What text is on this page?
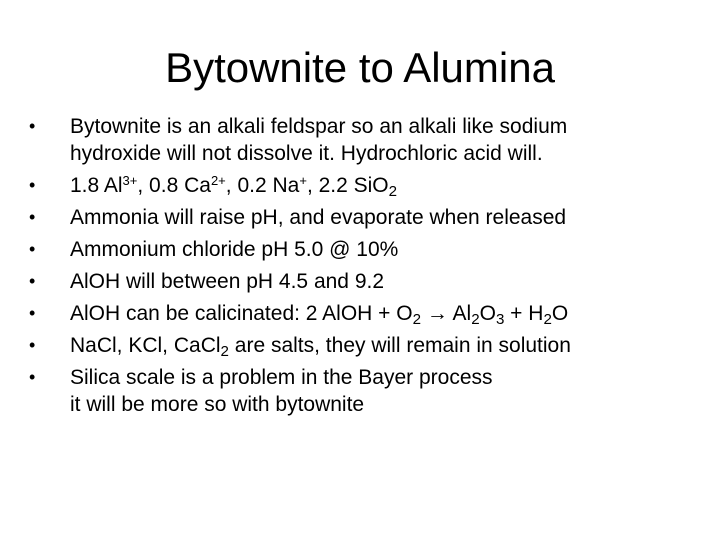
Bytownite to Alumina
• Bytownite is an alkali feldspar so an alkali like sodium
hydroxide will not dissolve it. Hydrochloric acid will.
• 1.8 $Al^{3+}$, 0.8 $Ca^{2+}$, 0.2 Na+, 2.2 SiO$_2$
• Ammonia will raise pH, and evaporate when released
• Ammonium chloride pH 5.0 @ 10%
• AlOH will between pH 4.5 and 9.2
• AlOH can be calicinated: 2 AlOH + $O_2 \to Al_2O_3 + H_2O$
• NaCl, KCl, CaCl$_2$ are salts, they will remain in solution
• Silica scale is a problem in the Bayer process
it will be more so with bytownite
